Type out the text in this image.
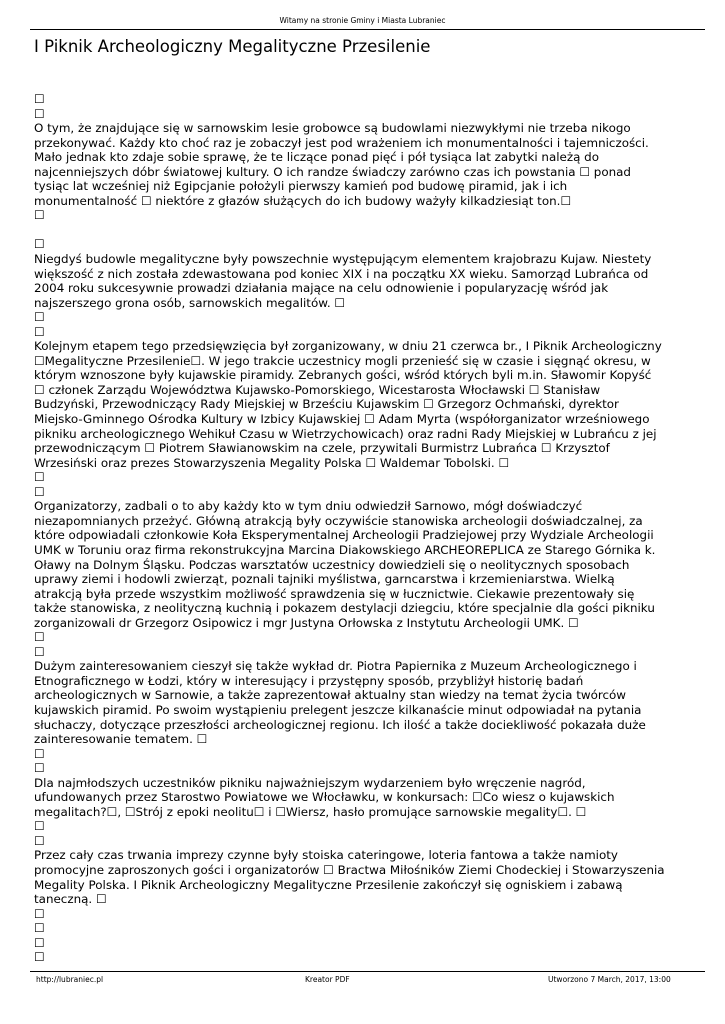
Witamy na stronie Gminy i Miasta Lubraniec
I Piknik Archeologiczny Megalityczne Przesilenie
☐
☐
O tym, że znajdujące się w sarnowskim lesie grobowce są budowlami niezwykłymi nie trzeba nikogo
przekonywać. Każdy kto choć raz je zobaczył jest pod wrażeniem ich monumentalności i tajemniczości.
Mało jednak kto zdaje sobie sprawę, że te liczące ponad pięć i pół tysiąca lat zabytki należą do
najcenniejszych dóbr światowej kultury. O ich randze świadczy zarówno czas ich powstania ☐ ponad
tysiąc lat wcześniej niż Egipcjanie położyli pierwszy kamień pod budowę piramid, jak i ich
monumentalność ☐ niektóre z głazów służących do ich budowy ważyły kilkadziesiąt ton.☐
☐
☐
Niegdyś budowle megalityczne były powszechnie występującym elementem krajobrazu Kujaw. Niestety
większość z nich została zdewastowana pod koniec XIX i na początku XX wieku. Samorząd Lubrańca od
2004 roku sukcesywnie prowadzi działania mające na celu odnowienie i popularyzację wśród jak
najszerszego grona osób, sarnowskich megalitów. ☐
☐
☐
Kolejnym etapem tego przedsięwzięcia był zorganizowany, w dniu 21 czerwca br., I Piknik Archeologiczny
☐Megalityczne Przesilenie☐. W jego trakcie uczestnicy mogli przenieść się w czasie i sięgnąć okresu, w
którym wznoszone były kujawskie piramidy. Zebranych gości, wśród których byli m.in. Sławomir Kopyść
☐ członek Zarządu Województwa Kujawsko-Pomorskiego, Wicestarosta Włocławski ☐ Stanisław
Budzyński, Przewodniczący Rady Miejskiej w Brześciu Kujawskim ☐ Grzegorz Ochmański, dyrektor
Miejsko-Gminnego Ośrodka Kultury w Izbicy Kujawskiej ☐ Adam Myrta (współorganizator wrześniowego
pikniku archeologicznego Wehikuł Czasu w Wietrzychowicach) oraz radni Rady Miejskiej w Lubrańcu z jej
przewodniczącym ☐ Piotrem Sławianowskim na czele, przywitali Burmistrz Lubrańca ☐ Krzysztof
Wrzesiński oraz prezes Stowarzyszenia Megality Polska ☐ Waldemar Tobolski. ☐
☐
☐
Organizatorzy, zadbali o to aby każdy kto w tym dniu odwiedził Sarnowo, mógł doświadczyć
niezapomnianych przeżyć. Główną atrakcją były oczywiście stanowiska archeologii doświadczalnej, za
które odpowiadali członkowie Koła Eksperymentalnej Archeologii Pradziejowej przy Wydziale Archeologii
UMK w Toruniu oraz firma rekonstrukcyjna Marcina Diakowskiego ARCHEOREPLICA ze Starego Górnika k.
Oławy na Dolnym Śląsku. Podczas warsztatów uczestnicy dowiedzieli się o neolitycznych sposobach
uprawy ziemi i hodowli zwierząt, poznali tajniki myślistwa, garncarstwa i krzemieniarstwa. Wielką
atrakcją była przede wszystkim możliwość sprawdzenia się w łucznictwie. Ciekawie prezentowały się
także stanowiska, z neolityczną kuchnią i pokazem destylacji dziegciu, które specjalnie dla gości pikniku
zorganizowali dr Grzegorz Osipowicz i mgr Justyna Orłowska z Instytutu Archeologii UMK. ☐
☐
☐
Dużym zainteresowaniem cieszył się także wykład dr. Piotra Papiernika z Muzeum Archeologicznego i
Etnograficznego w Łodzi, który w interesujący i przystępny sposób, przybliżył historię badań
archeologicznych w Sarnowie, a także zaprezentował aktualny stan wiedzy na temat życia twórców
kujawskich piramid. Po swoim wystąpieniu prelegent jeszcze kilkanaście minut odpowiadał na pytania
słuchaczy, dotyczące przeszłości archeologicznej regionu. Ich ilość a także dociekliwość pokazała duże
zainteresowanie tematem. ☐
☐
☐
Dla najmłodszych uczestników pikniku najważniejszym wydarzeniem było wręczenie nagród,
ufundowanych przez Starostwo Powiatowe we Włocławku, w konkursach: ☐Co wiesz o kujawskich
megalitach?☐, ☐Strój z epoki neolitu☐ i ☐Wiersz, hasło promujące sarnowskie megality☐. ☐
☐
☐
Przez cały czas trwania imprezy czynne były stoiska cateringowe, loteria fantowa a także namioty
promocyjne zaproszonych gości i organizatorów ☐ Bractwa Miłośników Ziemi Chodeckiej i Stowarzyszenia
Megality Polska. I Piknik Archeologiczny Megalityczne Przesilenie zakończył się ogniskiem i zabawą
taneczną. ☐
☐
☐
☐
☐
http://lubraniec.pl	Kreator PDF	Utworzono 7 March, 2017, 13:00
